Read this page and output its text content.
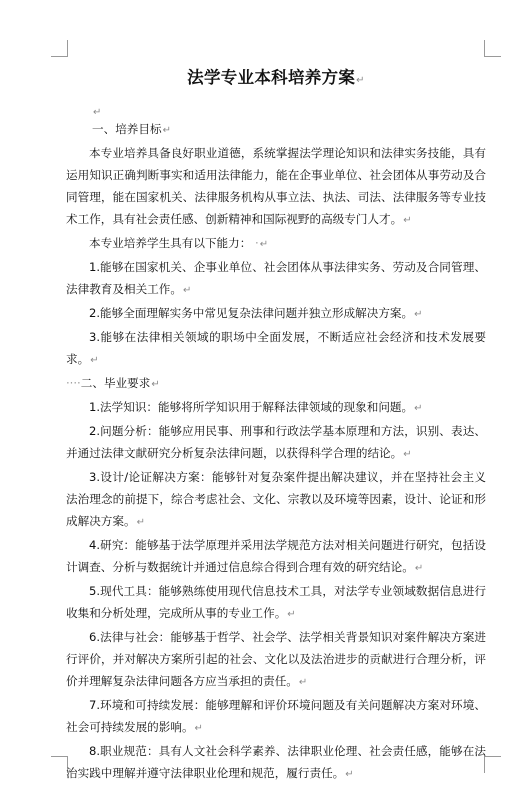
法学专业本科培养方案↵
↵

一、培养目标↵

本专业培养具备良好职业道德，系统掌握法学理论知识和法律实务技能，具有运用知识正确判断事实和适用法律能力，能在企事业单位、社会团体从事劳动及合同管理，能在国家机关、法律服务机构从事立法、执法、司法、法律服务等专业技术工作，具有社会责任感、创新精神和国际视野的高级专门人才。↵

本专业培养学生具有以下能力： ·↵

1.能够在国家机关、企事业单位、社会团体从事法律实务、劳动及合同管理、法律教育及相关工作。↵

2.能够全面理解实务中常见复杂法律问题并独立形成解决方案。↵

3.能够在法律相关领域的职场中全面发展，不断适应社会经济和技术发展要求。↵

····二、毕业要求↵

1.法学知识：能够将所学知识用于解释法律领域的现象和问题。↵

2.问题分析：能够应用民事、刑事和行政法学基本原理和方法，识别、表达、并通过法律文献研究分析复杂法律问题，以获得科学合理的结论。↵

3.设计/论证解决方案：能够针对复杂案件提出解决建议，并在坚持社会主义法治理念的前提下，综合考虑社会、文化、宗教以及环境等因素，设计、论证和形成解决方案。↵

4.研究：能够基于法学原理并采用法学规范方法对相关问题进行研究，包括设计调查、分析与数据统计并通过信息综合得到合理有效的研究结论。↵

5.现代工具：能够熟练使用现代信息技术工具，对法学专业领域数据信息进行收集和分析处理，完成所从事的专业工作。↵

6.法律与社会：能够基于哲学、社会学、法学相关背景知识对案件解决方案进行评价，并对解决方案所引起的社会、文化以及法治进步的贡献进行合理分析，评价并理解复杂法律问题各方应当承担的责任。↵

7.环境和可持续发展：能够理解和评价环境问题及有关问题解决方案对环境、社会可持续发展的影响。↵

8.职业规范：具有人文社会科学素养、法律职业伦理、社会责任感，能够在法治实践中理解并遵守法律职业伦理和规范，履行责任。↵
